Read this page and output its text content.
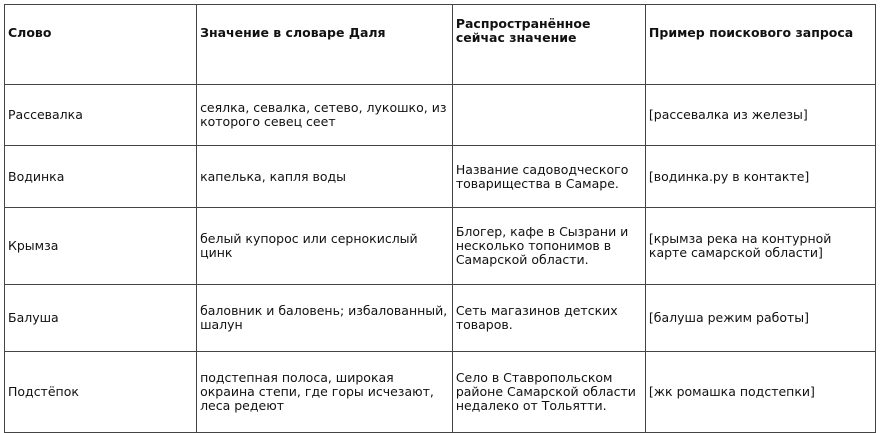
Слово	Значение в словаре Даля	Распространённое сейчас значение	Пример поискового запроса
Рассевалка	сеялка, севалка, сетево, лукошко, из которого севец сеет		[рассевалка из железы]
Водинка	капелька, капля воды	Название садоводческого товарищества в Самаре.	[водинка.ру в контакте]
Крымза	белый купорос или сернокислый цинк	Блогер, кафе в Сызрани и несколько топонимов в Самарской области.	[крымза река на контурной карте самарской области]
Балуша	баловник и баловень; избалованный, шалун	Сеть магазинов детских товаров.	[балуша режим работы]
Подстёпок	подстепная полоса, широкая окраина степи, где горы исчезают, леса редеют	Село в Ставропольском районе Самарской области недалеко от Тольятти.	[жк ромашка подстепки]
